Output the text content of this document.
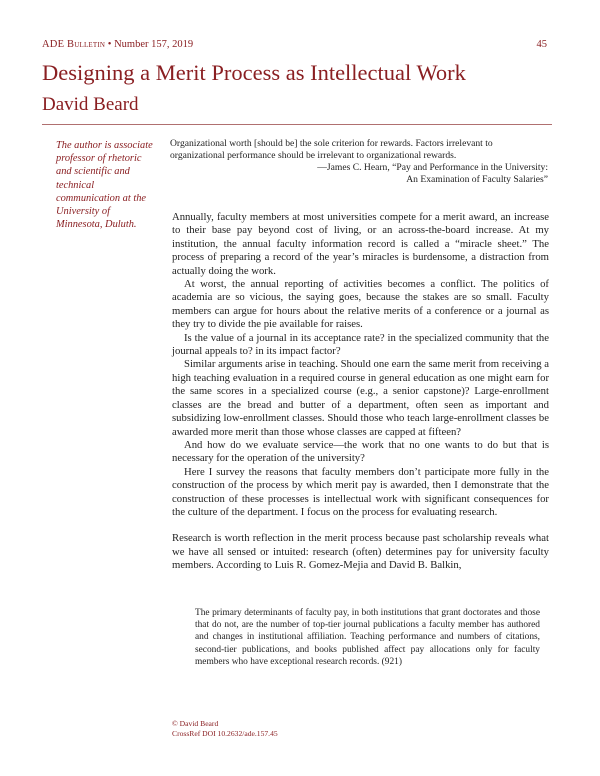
ADE Bulletin • Number 157, 2019	45
Designing a Merit Process as Intellectual Work
David Beard
The author is associate professor of rhetoric and scientific and technical communication at the University of Minnesota, Duluth.
Organizational worth [should be] the sole criterion for rewards. Factors irrelevant to organizational performance should be irrelevant to organizational rewards.
—James C. Hearn, “Pay and Performance in the University:
An Examination of Faculty Salaries”

Annually, faculty members at most universities compete for a merit award, an increase to their base pay beyond cost of living, or an across-the-board increase. At my institution, the annual faculty information record is called a “miracle sheet.” The process of preparing a record of the year’s miracles is burdensome, a distraction from actually doing the work.

At worst, the annual reporting of activities becomes a conflict. The politics of academia are so vicious, the saying goes, because the stakes are so small. Faculty members can argue for hours about the relative merits of a conference or a journal as they try to divide the pie available for raises.

Is the value of a journal in its acceptance rate? in the specialized community that the journal appeals to? in its impact factor?

Similar arguments arise in teaching. Should one earn the same merit from receiving a high teaching evaluation in a required course in general education as one might earn for the same scores in a specialized course (e.g., a senior capstone)? Large-enrollment classes are the bread and butter of a department, often seen as important and subsidizing low-enrollment classes. Should those who teach large-enrollment classes be awarded more merit than those whose classes are capped at fifteen?

And how do we evaluate service—the work that no one wants to do but that is necessary for the operation of the university?

Here I survey the reasons that faculty members don’t participate more fully in the construction of the process by which merit pay is awarded, then I demonstrate that the construction of these processes is intellectual work with significant consequences for the culture of the department. I focus on the process for evaluating research.

Research is worth reflection in the merit process because past scholarship reveals what we have all sensed or intuited: research (often) determines pay for university faculty members. According to Luis R. Gomez-Mejia and David B. Balkin,

The primary determinants of faculty pay, in both institutions that grant doctorates and those that do not, are the number of top-tier journal publications a faculty member has authored and changes in institutional affiliation. Teaching performance and numbers of citations, second-tier publications, and books published affect pay allocations only for faculty members who have exceptional research records. (921)
© David Beard
CrossRef DOI 10.2632/ade.157.45
